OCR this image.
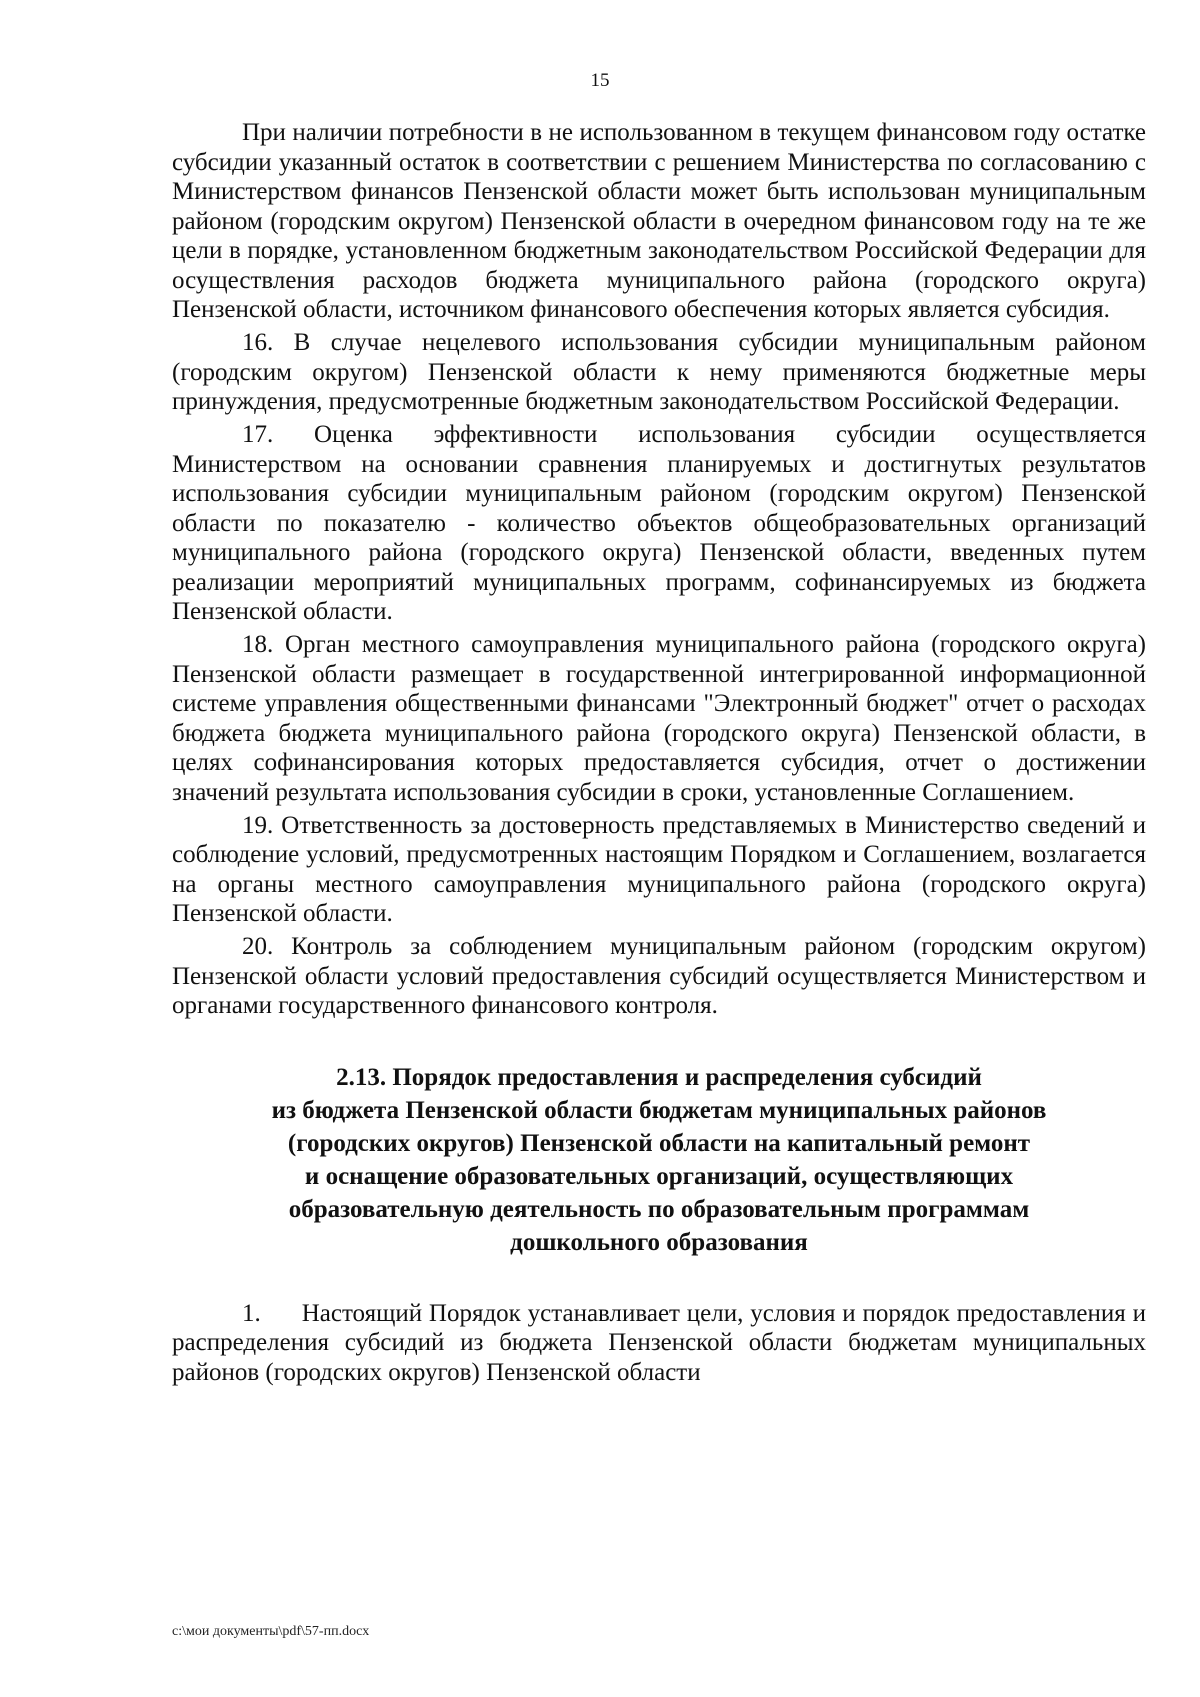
15

При наличии потребности в не использованном в текущем финансовом году остатке субсидии указанный остаток в соответствии с решением Министерства по согласованию с Министерством финансов Пензенской области может быть использован муниципальным районом (городским округом) Пензенской области в очередном финансовом году на те же цели в порядке, установленном бюджетным законодательством Российской Федерации для осуществления расходов бюджета муниципального района (городского округа) Пензенской области, источником финансового обеспечения которых является субсидия.

16. В случае нецелевого использования субсидии муниципальным районом (городским округом) Пензенской области к нему применяются бюджетные меры принуждения, предусмотренные бюджетным законодательством Российской Федерации.

17. Оценка эффективности использования субсидии осуществляется Министерством на основании сравнения планируемых и достигнутых результатов использования субсидии муниципальным районом (городским округом) Пензенской области по показателю - количество объектов общеобразовательных организаций муниципального района (городского округа) Пензенской области, введенных путем реализации мероприятий муниципальных программ, софинансируемых из бюджета Пензенской области.

18. Орган местного самоуправления муниципального района (городского округа) Пензенской области размещает в государственной интегрированной информационной системе управления общественными финансами "Электронный бюджет" отчет о расходах бюджета бюджета муниципального района (городского округа) Пензенской области, в целях софинансирования которых предоставляется субсидия, отчет о достижении значений результата использования субсидии в сроки, установленные Соглашением.

19. Ответственность за достоверность представляемых в Министерство сведений и соблюдение условий, предусмотренных настоящим Порядком и Соглашением, возлагается на органы местного самоуправления муниципального района (городского округа) Пензенской области.

20. Контроль за соблюдением муниципальным районом (городским округом) Пензенской области условий предоставления субсидий осуществляется Министерством и органами государственного финансового контроля.

2.13. Порядок предоставления и распределения субсидий
из бюджета Пензенской области бюджетам муниципальных районов
(городских округов) Пензенской области на капитальный ремонт
и оснащение образовательных организаций, осуществляющих
образовательную деятельность по образовательным программам
дошкольного образования

1.      Настоящий Порядок устанавливает цели, условия и порядок предоставления и распределения субсидий из бюджета Пензенской области бюджетам муниципальных районов (городских округов) Пензенской области

c:\мои документы\pdf\57-пп.docx
